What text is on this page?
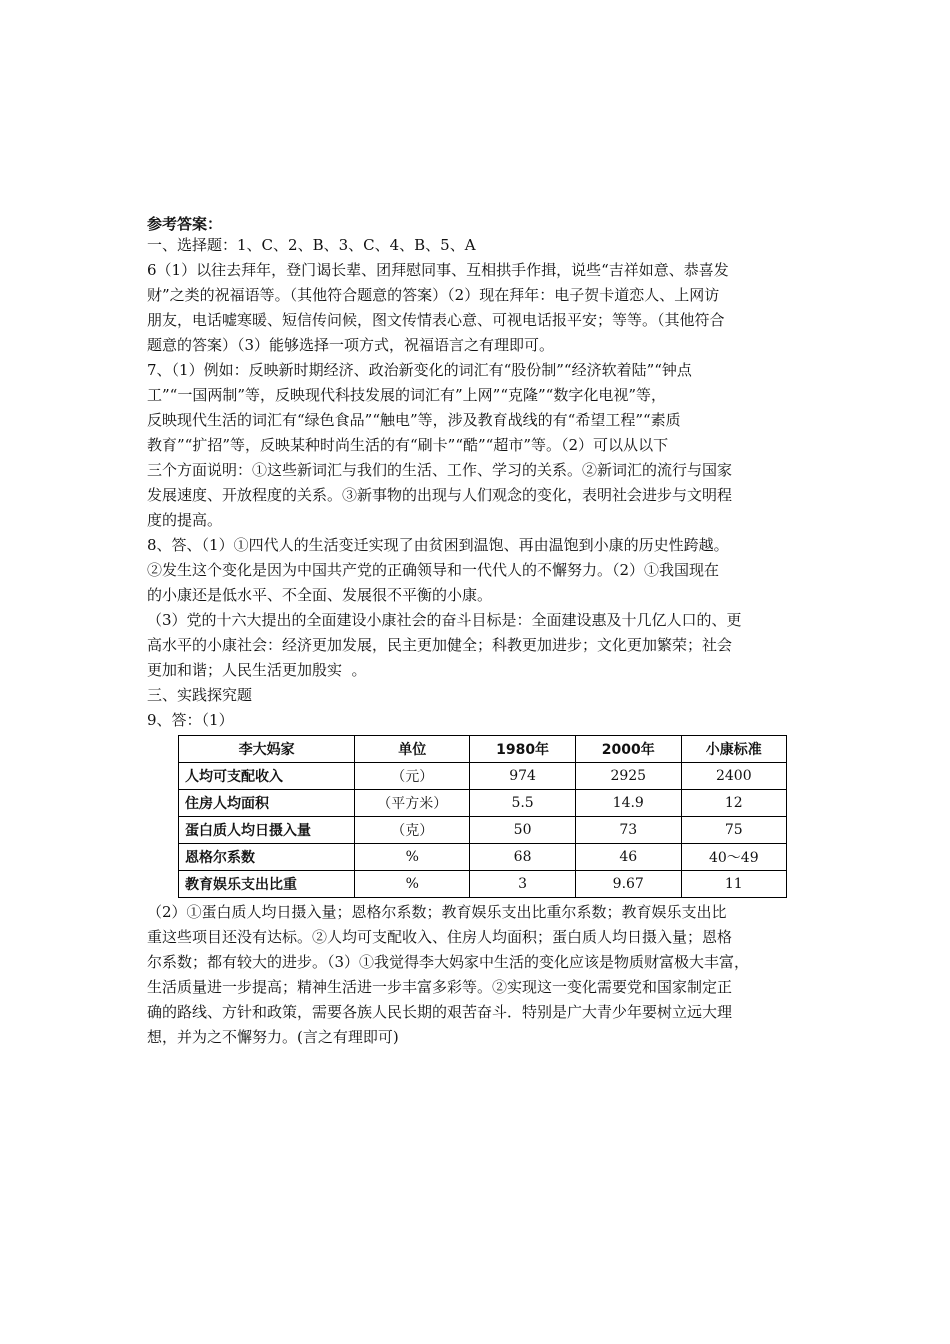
参考答案：

一、选择题：1、C、2、B、3、C、4、B、5、A

6（1）以往去拜年，登门谒长辈、团拜慰同事、互相拱手作揖，说些“吉祥如意、恭喜发

财”之类的祝福语等。（其他符合题意的答案）（2）现在拜年：电子贺卡道恋人、上网访

朋友，电话嘘寒暖、短信传问候，图文传情表心意、可视电话报平安；等等。（其他符合

题意的答案）（3）能够选择一项方式，祝福语言之有理即可。

7、（1）例如：反映新时期经济、政治新变化的词汇有“股份制”“经济软着陆”“钟点

工”“一国两制”等，反映现代科技发展的词汇有”上网”“克隆”“数字化电视”等，

反映现代生活的词汇有“绿色食品”“触电”等，涉及教育战线的有“希望工程”“素质

教育”“扩招”等，反映某种时尚生活的有“刷卡”“酷”“超市”等。（2）可以从以下

三个方面说明：①这些新词汇与我们的生活、工作、学习的关系。②新词汇的流行与国家

发展速度、开放程度的关系。③新事物的出现与人们观念的变化，表明社会进步与文明程

度的提高。

8、答、（1）①四代人的生活变迁实现了由贫困到温饱、再由温饱到小康的历史性跨越。

②发生这个变化是因为中国共产党的正确领导和一代代人的不懈努力。（2）①我国现在

的小康还是低水平、不全面、发展很不平衡的小康。

（3）党的十六大提出的全面建设小康社会的奋斗目标是：全面建设惠及十几亿人口的、更

高水平的小康社会：经济更加发展，民主更加健全；科教更加进步；文化更加繁荣；社会

更加和谐；人民生活更加殷实  。

三、实践探究题

9、答：（1）

李大妈家	单位	1980年	2000年	小康标准
人均可支配收入	（元）	974	2925	2400
住房人均面积	（平方米）	5.5	14.9	12
蛋白质人均日摄入量	（克）	50	73	75
恩格尔系数	%	68	46	40～49
教育娱乐支出比重	%	3	9.67	11

（2）①蛋白质人均日摄入量；恩格尔系数；教育娱乐支出比重尔系数；教育娱乐支出比

重这些项目还没有达标。②人均可支配收入、住房人均面积；蛋白质人均日摄入量；恩格

尔系数；都有较大的进步。（3）①我觉得李大妈家中生活的变化应该是物质财富极大丰富，

生活质量进一步提高；精神生活进一步丰富多彩等。②实现这一变化需要党和国家制定正

确的路线、方针和政策，需要各族人民长期的艰苦奋斗．特别是广大青少年要树立远大理

想，并为之不懈努力。(言之有理即可)
